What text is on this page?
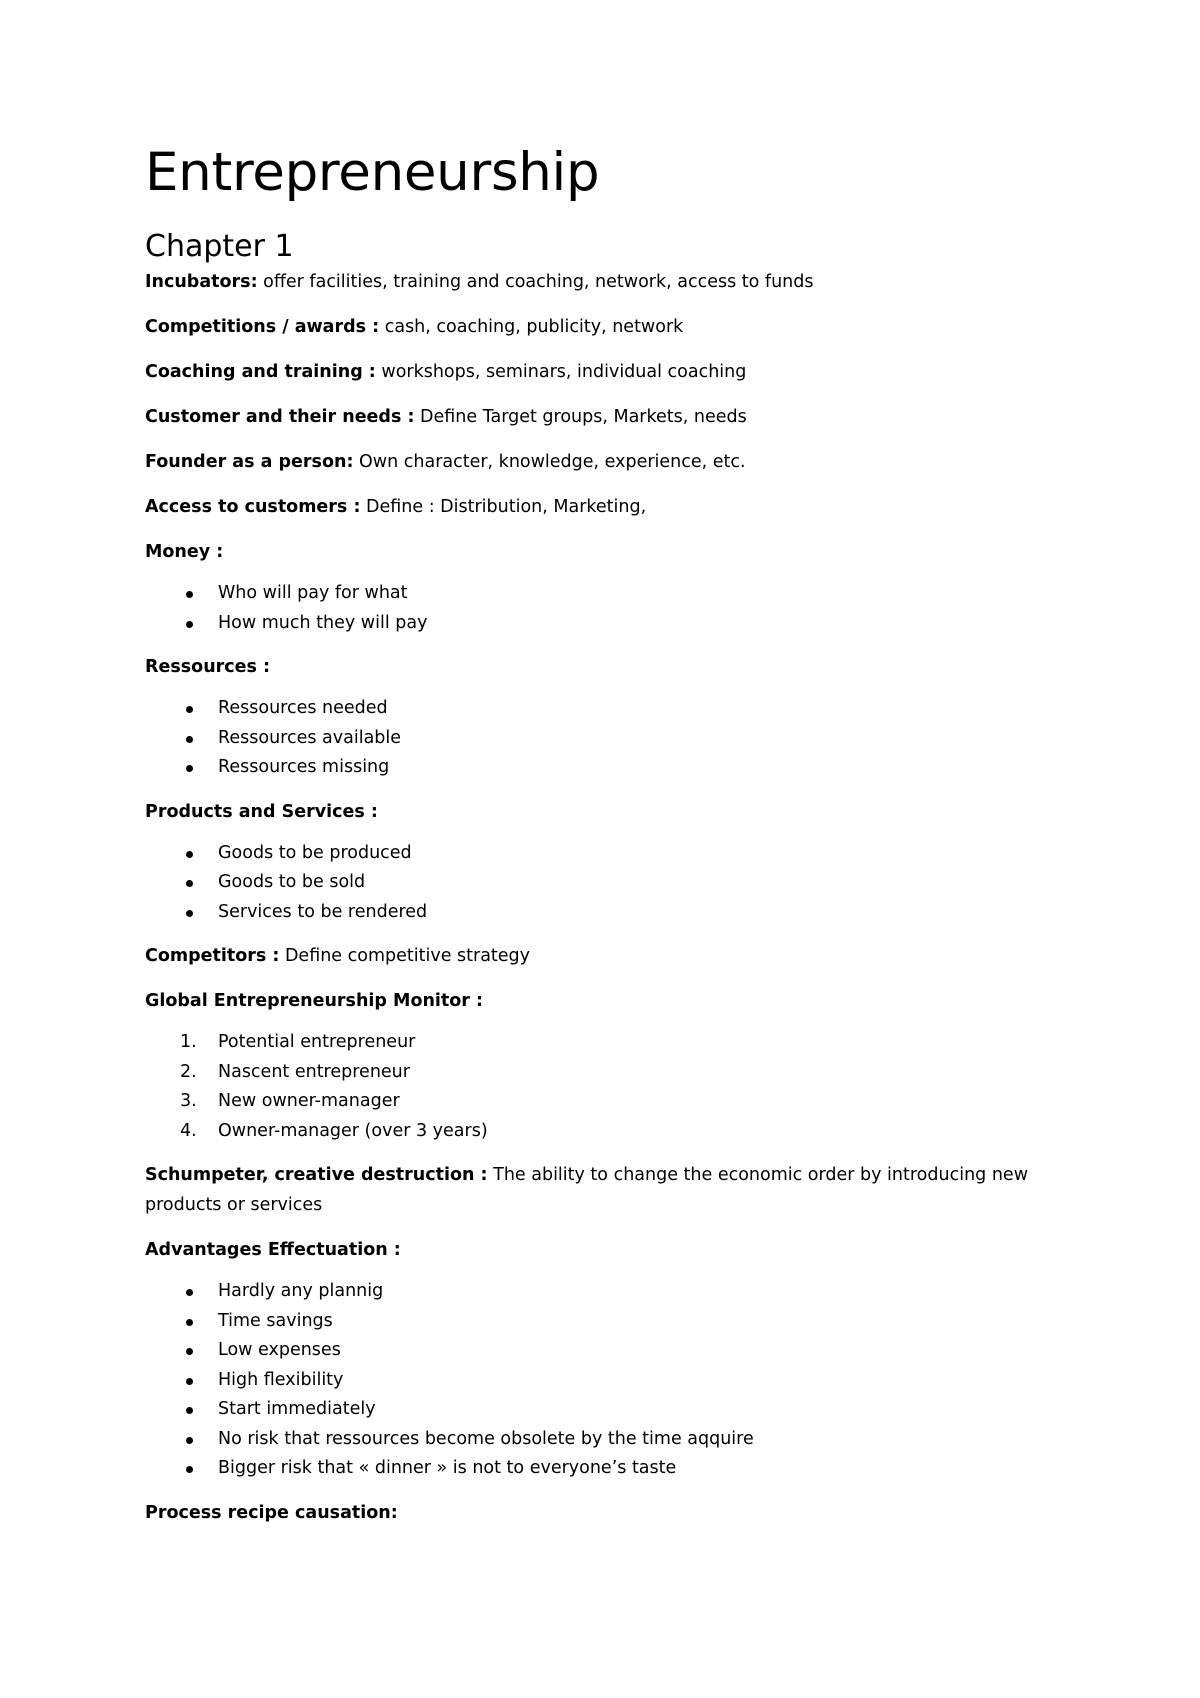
Entrepreneurship
Chapter 1

Incubators: offer facilities, training and coaching, network, access to funds

Competitions / awards : cash, coaching, publicity, network

Coaching and training : workshops, seminars, individual coaching

Customer and their needs : Define Target groups, Markets, needs

Founder as a person: Own character, knowledge, experience, etc.

Access to customers : Define : Distribution, Marketing,

Money :

Who will pay for what
How much they will pay

Ressources :

Ressources needed
Ressources available
Ressources missing

Products and Services :

Goods to be produced
Goods to be sold
Services to be rendered

Competitors : Define competitive strategy

Global Entrepreneurship Monitor :

1. Potential entrepreneur
2. Nascent entrepreneur
3. New owner-manager
4. Owner-manager (over 3 years)

Schumpeter, creative destruction : The ability to change the economic order by introducing new products or services

Advantages Effectuation :

Hardly any plannig
Time savings
Low expenses
High flexibility
Start immediately
No risk that ressources become obsolete by the time aqquire
Bigger risk that « dinner » is not to everyone’s taste

Process recipe causation:
